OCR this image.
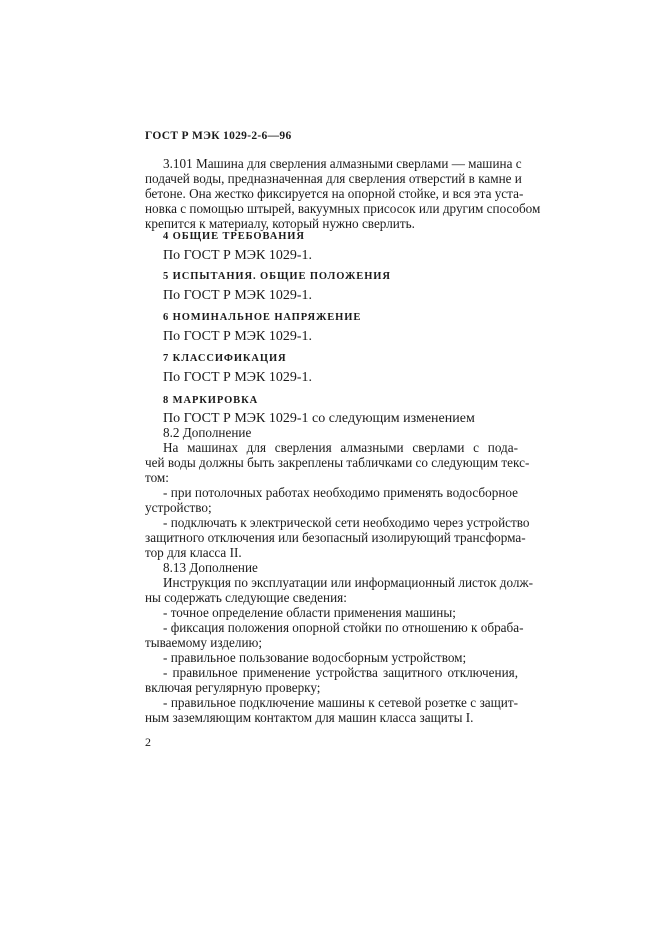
ГОСТ Р МЭК 1029-2-6—96
3.101 Машина для сверления алмазными сверлами — машина с
подачей воды, предназначенная для сверления отверстий в камне и
бетоне. Она жестко фиксируется на опорной стойке, и вся эта уста-
новка с помощью штырей, вакуумных присосок или другим способом
крепится к материалу, который нужно сверлить.
4 ОБЩИЕ ТРЕБОВАНИЯ
По ГОСТ Р МЭК 1029-1.
5 ИСПЫТАНИЯ. ОБЩИЕ ПОЛОЖЕНИЯ
По ГОСТ Р МЭК 1029-1.
6 НОМИНАЛЬНОЕ НАПРЯЖЕНИЕ
По ГОСТ Р МЭК 1029-1.
7 КЛАССИФИКАЦИЯ
По ГОСТ Р МЭК 1029-1.
8 МАРКИРОВКА
По ГОСТ Р МЭК 1029-1 со следующим изменением
8.2 Дополнение
На машинах для сверления алмазными сверлами с пода-
чей воды должны быть закреплены табличками со следующим текс-
том:
- при потолочных работах необходимо применять водосборное
устройство;
- подключать к электрической сети необходимо через устройство
защитного отключения или безопасный изолирующий трансформа-
тор для класса II.
8.13 Дополнение
Инструкция по эксплуатации или информационный листок долж-
ны содержать следующие сведения:
- точное определение области применения машины;
- фиксация положения опорной стойки по отношению к обраба-
тываемому изделию;
- правильное пользование водосборным устройством;
- правильное применение устройства защитного отключения,
включая регулярную проверку;
- правильное подключение машины к сетевой розетке с защит-
ным заземляющим контактом для машин класса защиты I.
2
